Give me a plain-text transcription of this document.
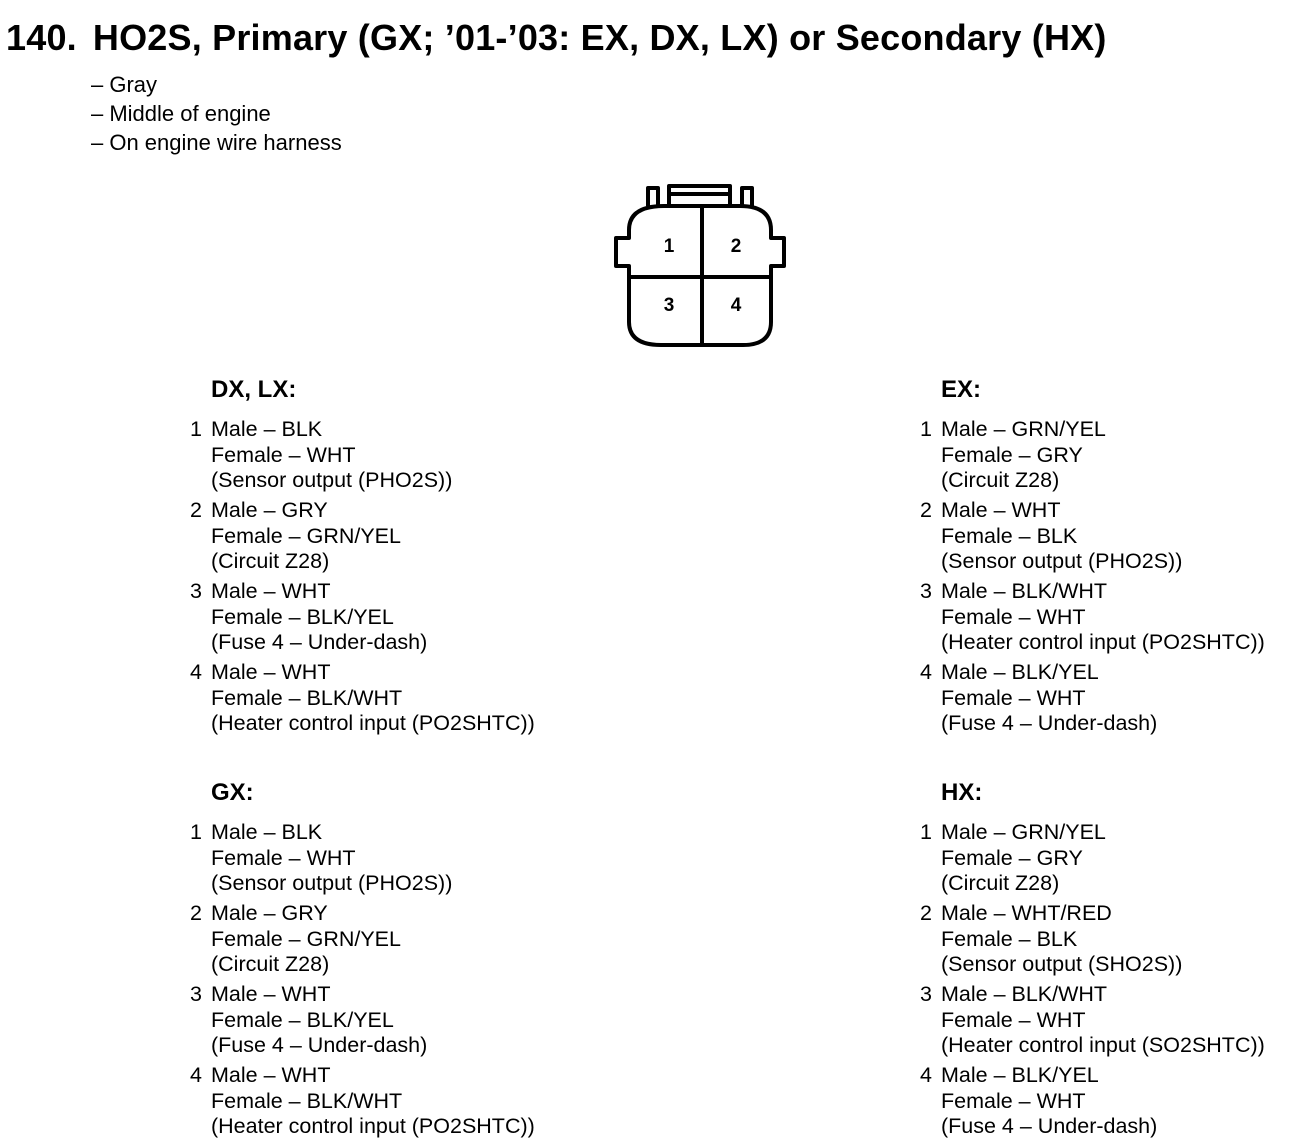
140. HO2S, Primary (GX; ’01-’03: EX, DX, LX) or Secondary (HX)
– Gray
– Middle of engine
– On engine wire harness
1	2
3	4
DX, LX:
1 Male – BLK
Female – WHT
(Sensor output (PHO2S))
2 Male – GRY
Female – GRN/YEL
(Circuit Z28)
3 Male – WHT
Female – BLK/YEL
(Fuse 4 – Under-dash)
4 Male – WHT
Female – BLK/WHT
(Heater control input (PO2SHTC))
EX:
1 Male – GRN/YEL
Female – GRY
(Circuit Z28)
2 Male – WHT
Female – BLK
(Sensor output (PHO2S))
3 Male – BLK/WHT
Female – WHT
(Heater control input (PO2SHTC))
4 Male – BLK/YEL
Female – WHT
(Fuse 4 – Under-dash)
GX:
1 Male – BLK
Female – WHT
(Sensor output (PHO2S))
2 Male – GRY
Female – GRN/YEL
(Circuit Z28)
3 Male – WHT
Female – BLK/YEL
(Fuse 4 – Under-dash)
4 Male – WHT
Female – BLK/WHT
(Heater control input (PO2SHTC))
HX:
1 Male – GRN/YEL
Female – GRY
(Circuit Z28)
2 Male – WHT/RED
Female – BLK
(Sensor output (SHO2S))
3 Male – BLK/WHT
Female – WHT
(Heater control input (SO2SHTC))
4 Male – BLK/YEL
Female – WHT
(Fuse 4 – Under-dash)
